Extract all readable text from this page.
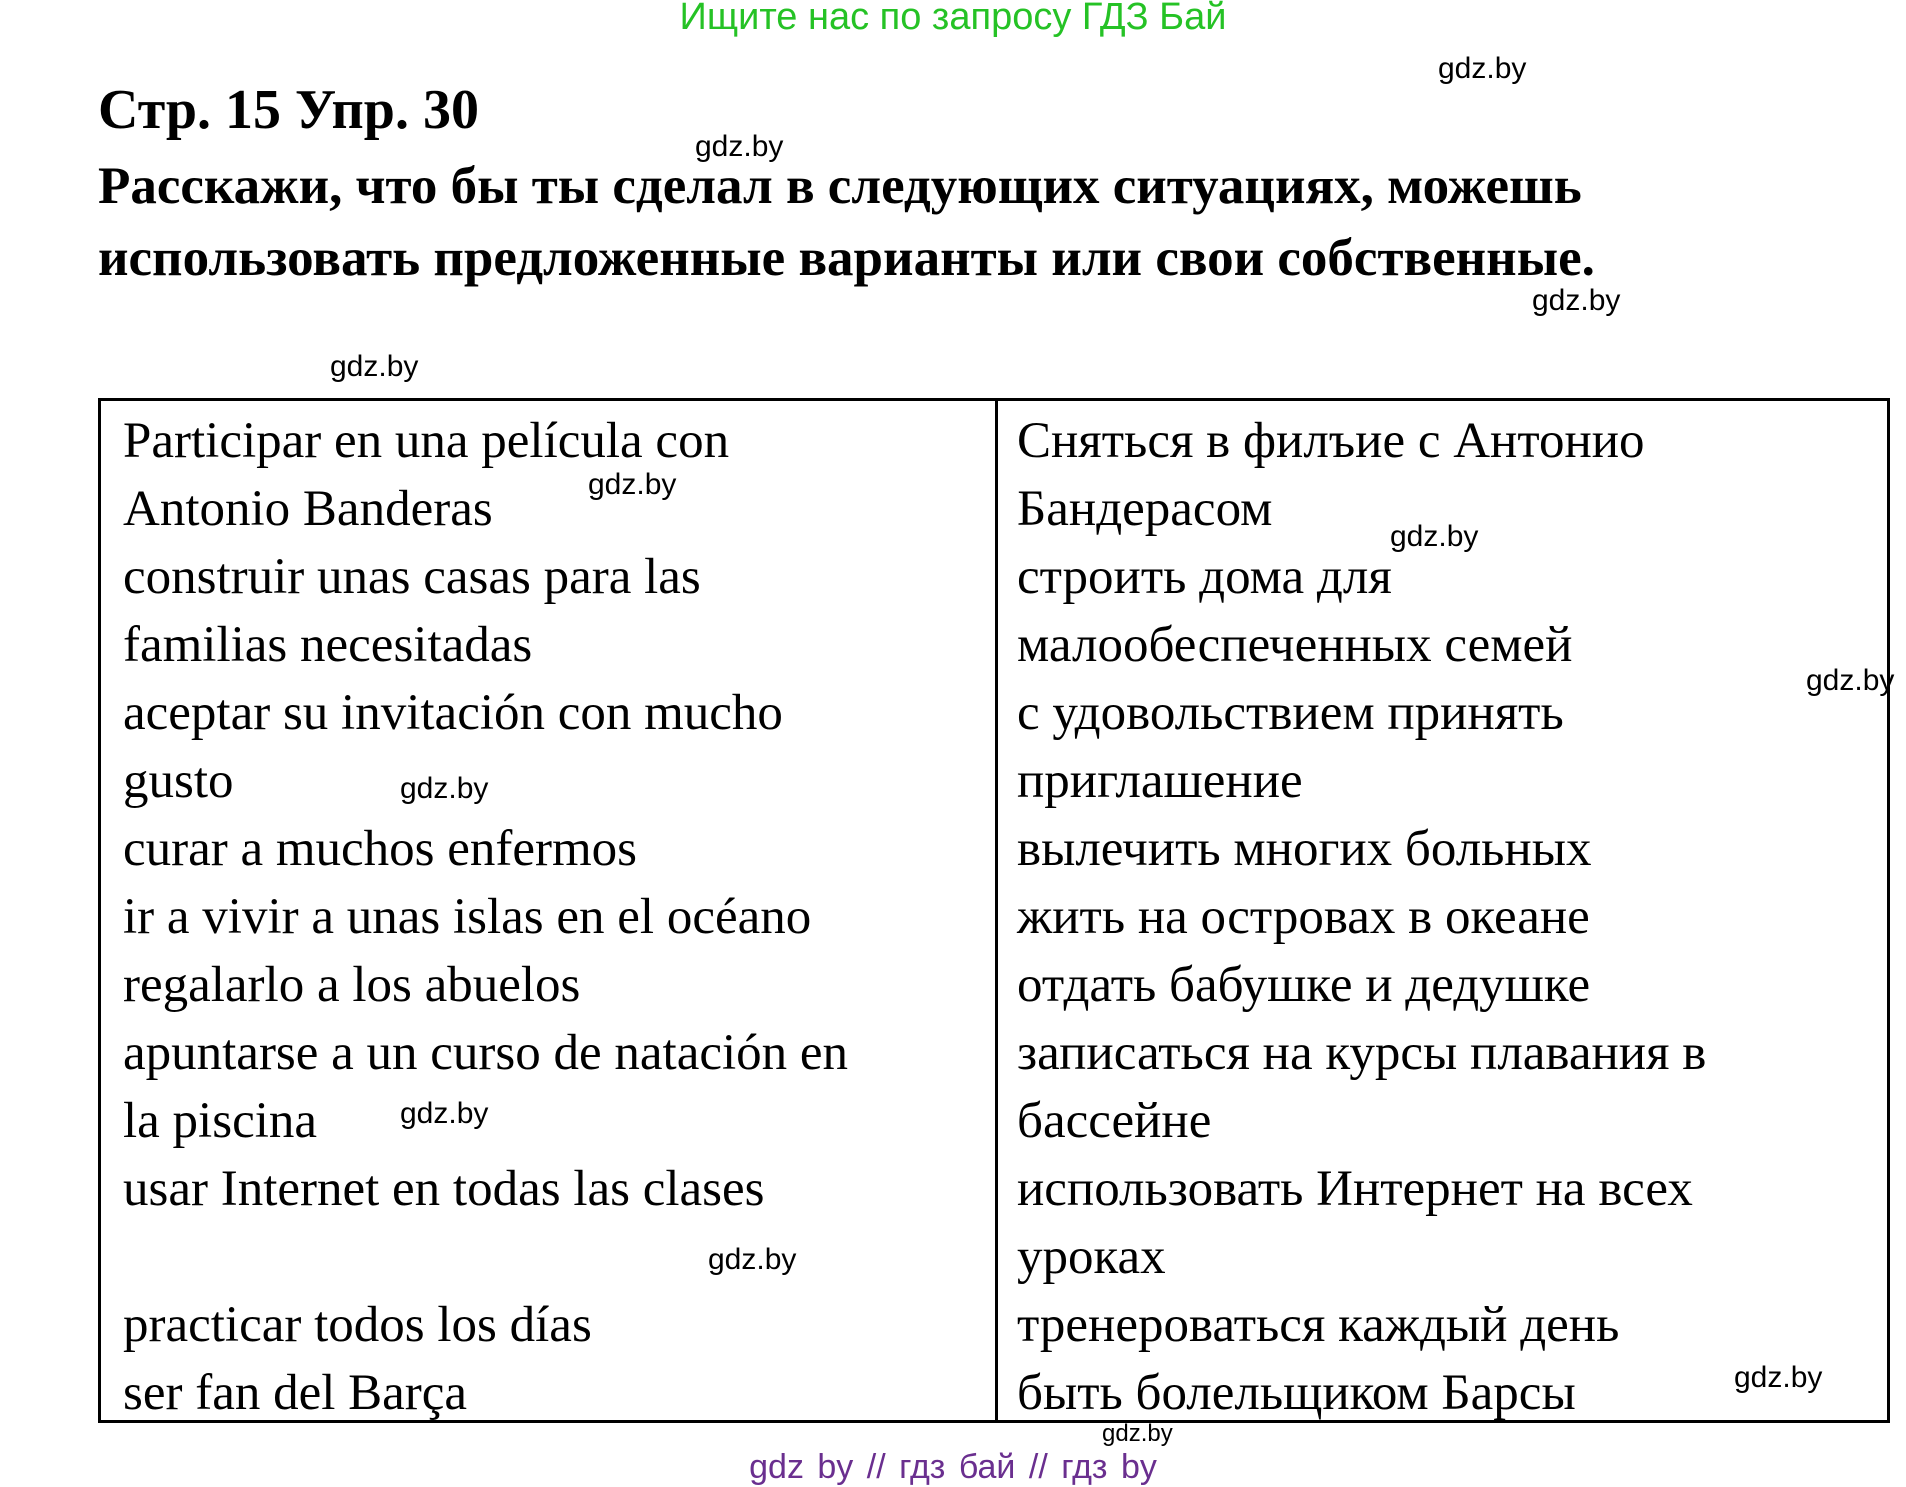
Ищите нас по запросу ГДЗ Бай
Стр. 15 Упр. 30
Расскажи, что бы ты сделал в следующих ситуациях, можешь
использовать предложенные варианты или свои собственные.
gdz.by
gdz.by
gdz.by
gdz.by
Participar en una película con
Antonio Banderas
construir unas casas para las
familias necesitadas
aceptar su invitación con mucho
gusto
curar a muchos enfermos
ir a vivir a unas islas en el océano
regalarlo a los abuelos
apuntarse a un curso de natación en
la piscina
usar Internet en todas las clases
practicar todos los días
ser fan del Barça
Сняться в филъие с Антонио
Бандерасом
строить дома для
малообеспеченных семей
с удовольствием принять
приглашение
вылечить многих больных
жить на островах в океане
отдать бабушке и дедушке
записаться на курсы плавания в
бассейне
использовать Интернет на всех
уроках
тренероваться каждый день
быть болельщиком Барсы
gdz.by
gdz.by
gdz.by
gdz.by
gdz.by
gdz.by
gdz.by
gdz.by
gdz by // гдз бай // гдз by
